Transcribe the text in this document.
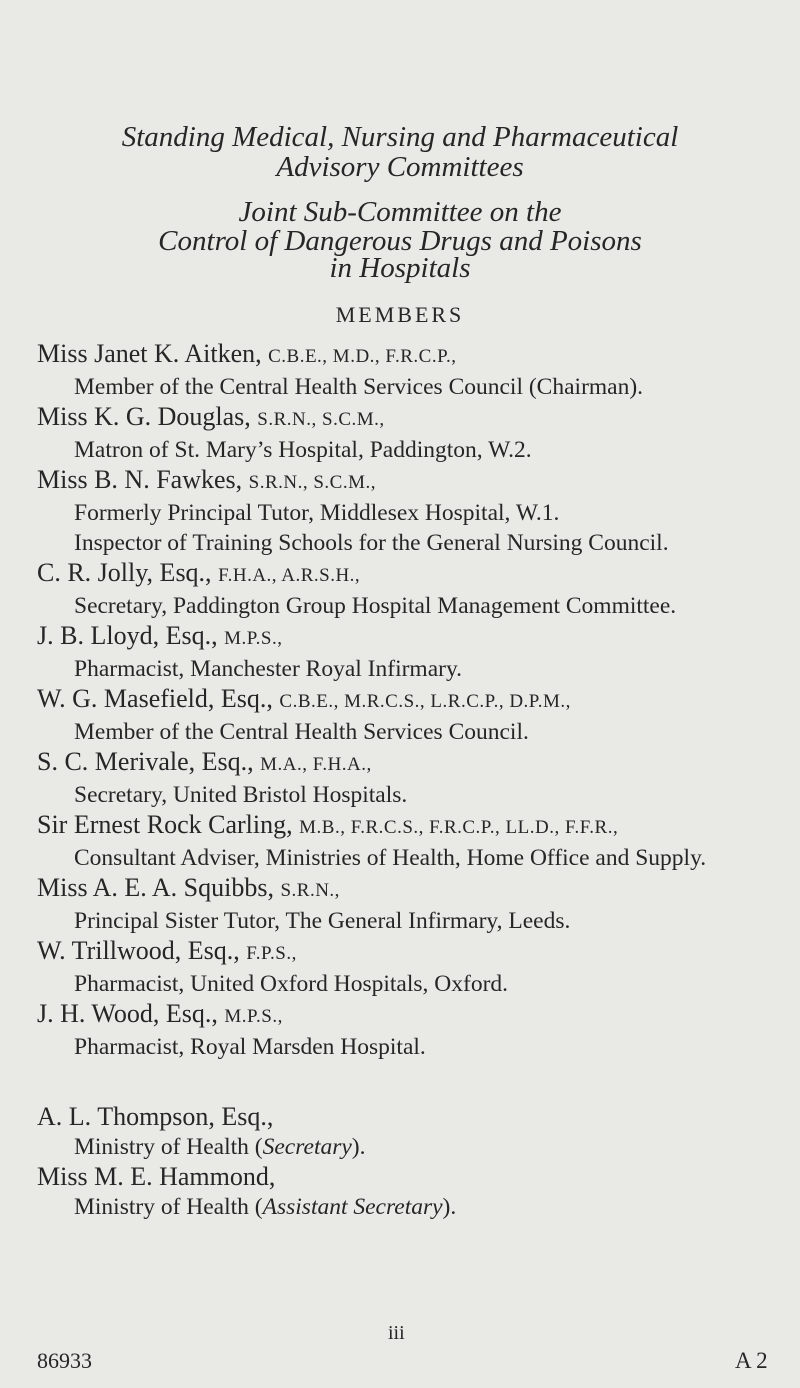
Standing Medical, Nursing and Pharmaceutical
Advisory Committees
Joint Sub-Committee on the
Control of Dangerous Drugs and Poisons
in Hospitals
MEMBERS
Miss Janet K. Aitken, C.B.E., M.D., F.R.C.P.,
Member of the Central Health Services Council (Chairman).
Miss K. G. Douglas, S.R.N., S.C.M.,
Matron of St. Mary’s Hospital, Paddington, W.2.
Miss B. N. Fawkes, S.R.N., S.C.M.,
Formerly Principal Tutor, Middlesex Hospital, W.1.
Inspector of Training Schools for the General Nursing Council.
C. R. Jolly, Esq., F.H.A., A.R.S.H.,
Secretary, Paddington Group Hospital Management Committee.
J. B. Lloyd, Esq., M.P.S.,
Pharmacist, Manchester Royal Infirmary.
W. G. Masefield, Esq., C.B.E., M.R.C.S., L.R.C.P., D.P.M.,
Member of the Central Health Services Council.
S. C. Merivale, Esq., M.A., F.H.A.,
Secretary, United Bristol Hospitals.
Sir Ernest Rock Carling, M.B., F.R.C.S., F.R.C.P., LL.D., F.F.R.,
Consultant Adviser, Ministries of Health, Home Office and Supply.
Miss A. E. A. Squibbs, S.R.N.,
Principal Sister Tutor, The General Infirmary, Leeds.
W. Trillwood, Esq., F.P.S.,
Pharmacist, United Oxford Hospitals, Oxford.
J. H. Wood, Esq., M.P.S.,
Pharmacist, Royal Marsden Hospital.
A. L. Thompson, Esq.,
Ministry of Health (Secretary).
Miss M. E. Hammond,
Ministry of Health (Assistant Secretary).
iii
86933	A 2
